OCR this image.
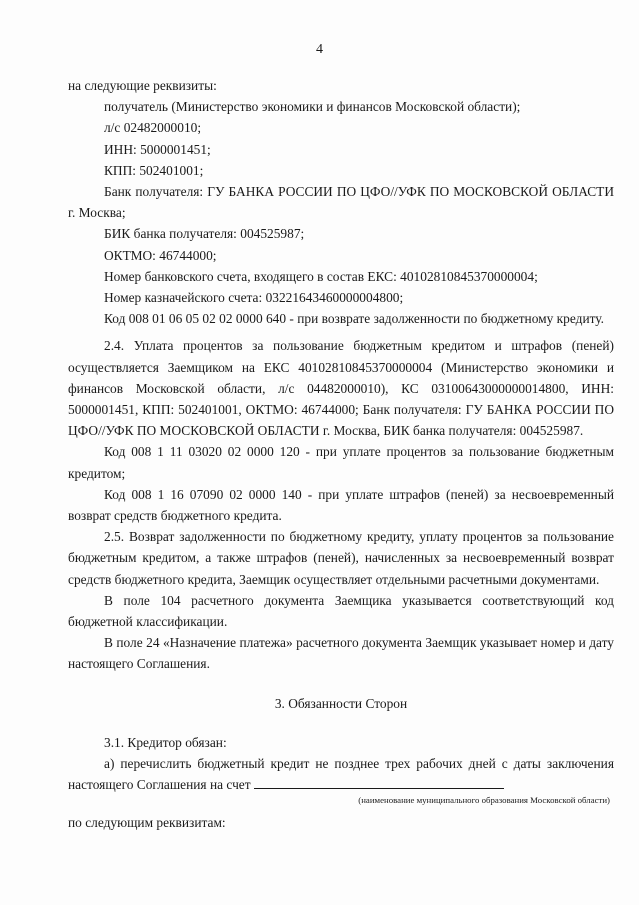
4

на следующие реквизиты:

получатель (Министерство экономики и финансов Московской области);

л/с 02482000010;

ИНН: 5000001451;

КПП: 502401001;

Банк получателя: ГУ БАНКА РОССИИ ПО ЦФО//УФК ПО МОСКОВСКОЙ ОБЛАСТИ г. Москва;

БИК банка получателя: 004525987;

ОКТМО: 46744000;

Номер банковского счета, входящего в состав ЕКС: 40102810845370000004;

Номер казначейского счета: 03221643460000004800;

Код 008 01 06 05 02 02 0000 640 - при возврате задолженности по бюджетному кредиту.

2.4. Уплата процентов за пользование бюджетным кредитом и штрафов (пеней) осуществляется Заемщиком на ЕКС 40102810845370000004 (Министерство экономики и финансов Московской области, л/с 04482000010), КС 03100643000000014800, ИНН: 5000001451, КПП: 502401001, ОКТМО: 46744000; Банк получателя: ГУ БАНКА РОССИИ ПО ЦФО//УФК ПО МОСКОВСКОЙ ОБЛАСТИ г. Москва, БИК банка получателя: 004525987.

Код 008 1 11 03020 02 0000 120 - при уплате процентов за пользование бюджетным кредитом;

Код 008 1 16 07090 02 0000 140 - при уплате штрафов (пеней) за несвоевременный возврат средств бюджетного кредита.

2.5. Возврат задолженности по бюджетному кредиту, уплату процентов за пользование бюджетным кредитом, а также штрафов (пеней), начисленных за несвоевременный возврат средств бюджетного кредита, Заемщик осуществляет отдельными расчетными документами.

В поле 104 расчетного документа Заемщика указывается соответствующий код бюджетной классификации.

В поле 24 «Назначение платежа» расчетного документа Заемщик указывает номер и дату настоящего Соглашения.

3. Обязанности Сторон

3.1. Кредитор обязан:

а) перечислить бюджетный кредит не позднее трех рабочих дней с даты заключения настоящего Соглашения на счет

(наименование муниципального образования Московской области)

по следующим реквизитам:
